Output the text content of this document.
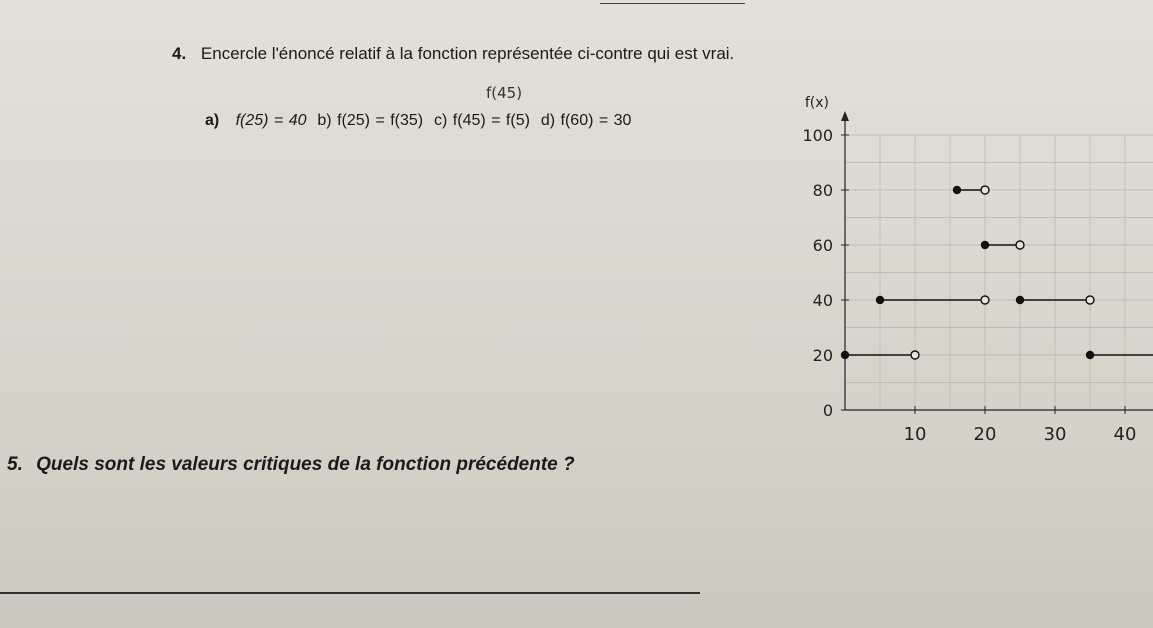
4. Encercle l'énoncé relatif à la fonction représentée ci-contre qui est vrai.
f(45)
a) f(25) = 40 b) f(25) = f(35) c) f(45) = f(5) d) f(60) = 30
10	20	30	40
0
20
40
60
80
100
f(x)
5. Quels sont les valeurs critiques de la fonction précédente ?
